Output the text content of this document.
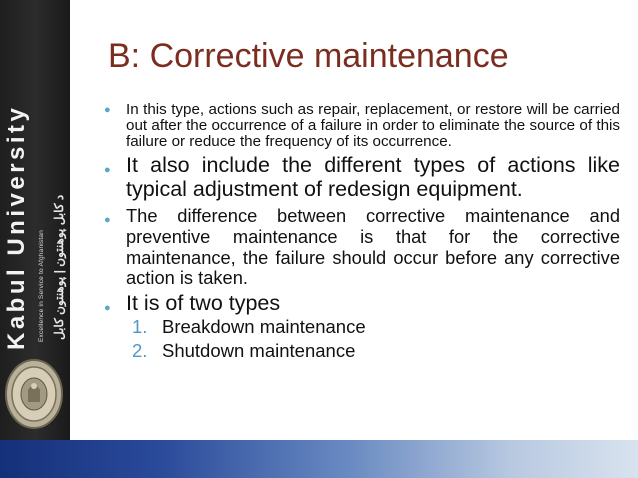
Kabul University Excellence in Service to Afghanistan د کابل پوهنتون | پوهنتون کابل
B: Corrective maintenance
● In this type, actions such as repair, replacement, or restore will be carried out after the occurrence of a failure in order to eliminate the source of this failure or reduce the frequency of its occurrence.
● It also include the different types of actions like typical adjustment of redesign equipment.
● The difference between corrective maintenance and preventive maintenance is that for the corrective maintenance, the failure should occur before any corrective action is taken.
● It is of two types
1. Breakdown maintenance
2. Shutdown maintenance
